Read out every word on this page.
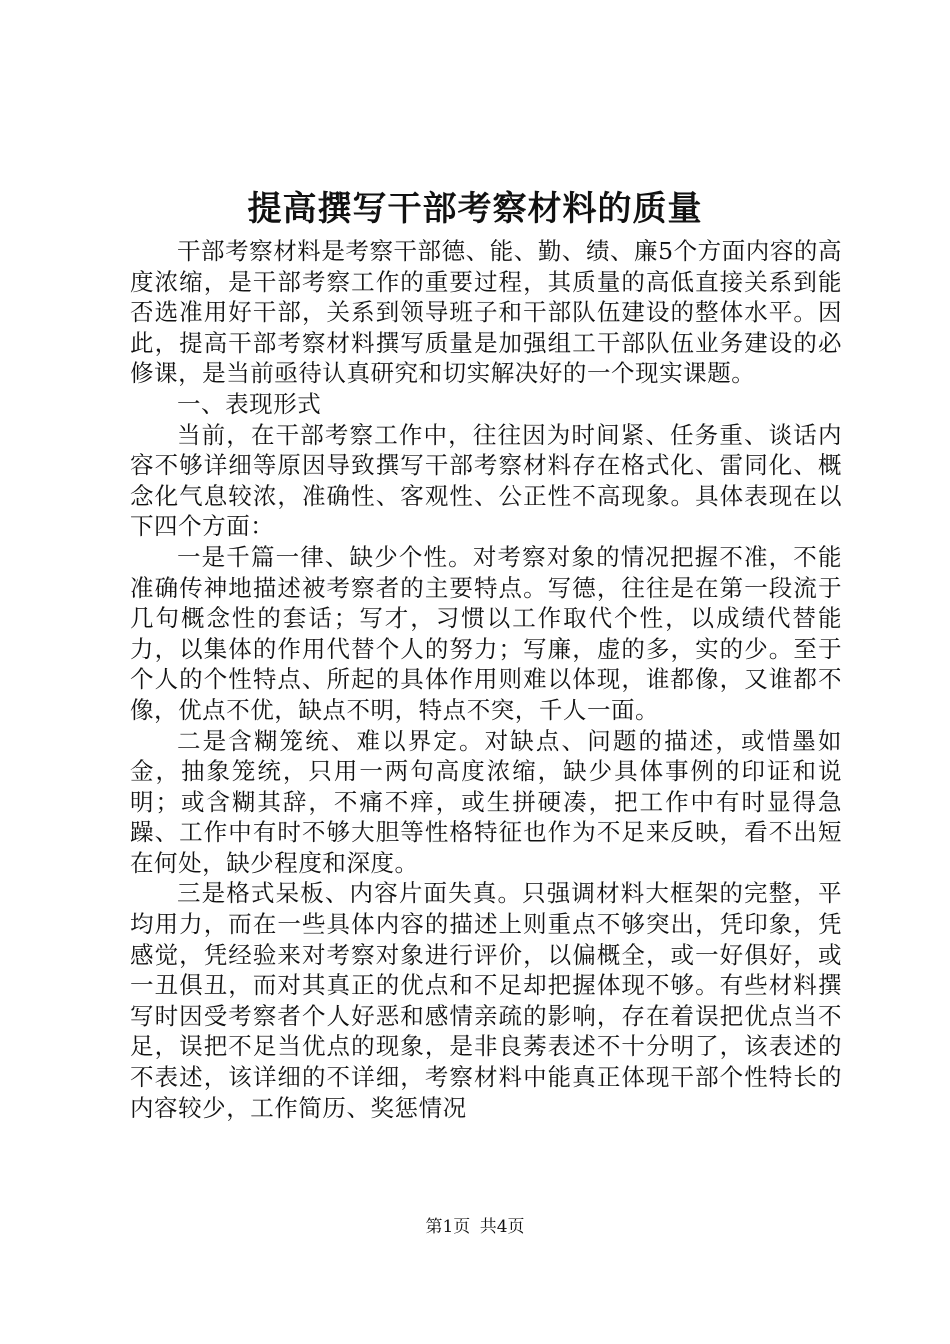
提高撰写干部考察材料的质量

干部考察材料是考察干部德、能、勤、绩、廉5个方面内容的高度浓缩，是干部考察工作的重要过程，其质量的高低直接关系到能否选准用好干部，关系到领导班子和干部队伍建设的整体水平。因此，提高干部考察材料撰写质量是加强组工干部队伍业务建设的必修课，是当前亟待认真研究和切实解决好的一个现实课题。

一、表现形式

当前，在干部考察工作中，往往因为时间紧、任务重、谈话内容不够详细等原因导致撰写干部考察材料存在格式化、雷同化、概念化气息较浓，准确性、客观性、公正性不高现象。具体表现在以下四个方面：

一是千篇一律、缺少个性。对考察对象的情况把握不准，不能准确传神地描述被考察者的主要特点。写德，往往是在第一段流于几句概念性的套话；写才，习惯以工作取代个性，以成绩代替能力，以集体的作用代替个人的努力；写廉，虚的多，实的少。至于个人的个性特点、所起的具体作用则难以体现，谁都像，又谁都不像，优点不优，缺点不明，特点不突，千人一面。

二是含糊笼统、难以界定。对缺点、问题的描述，或惜墨如金，抽象笼统，只用一两句高度浓缩，缺少具体事例的印证和说明；或含糊其辞，不痛不痒，或生拼硬凑，把工作中有时显得急躁、工作中有时不够大胆等性格特征也作为不足来反映，看不出短在何处，缺少程度和深度。

三是格式呆板、内容片面失真。只强调材料大框架的完整，平均用力，而在一些具体内容的描述上则重点不够突出，凭印象，凭感觉，凭经验来对考察对象进行评价，以偏概全，或一好俱好，或一丑俱丑，而对其真正的优点和不足却把握体现不够。有些材料撰写时因受考察者个人好恶和感情亲疏的影响，存在着误把优点当不足，误把不足当优点的现象，是非良莠表述不十分明了，该表述的不表述，该详细的不详细，考察材料中能真正体现干部个性特长的内容较少，工作简历、奖惩情况

第1页 共4页
